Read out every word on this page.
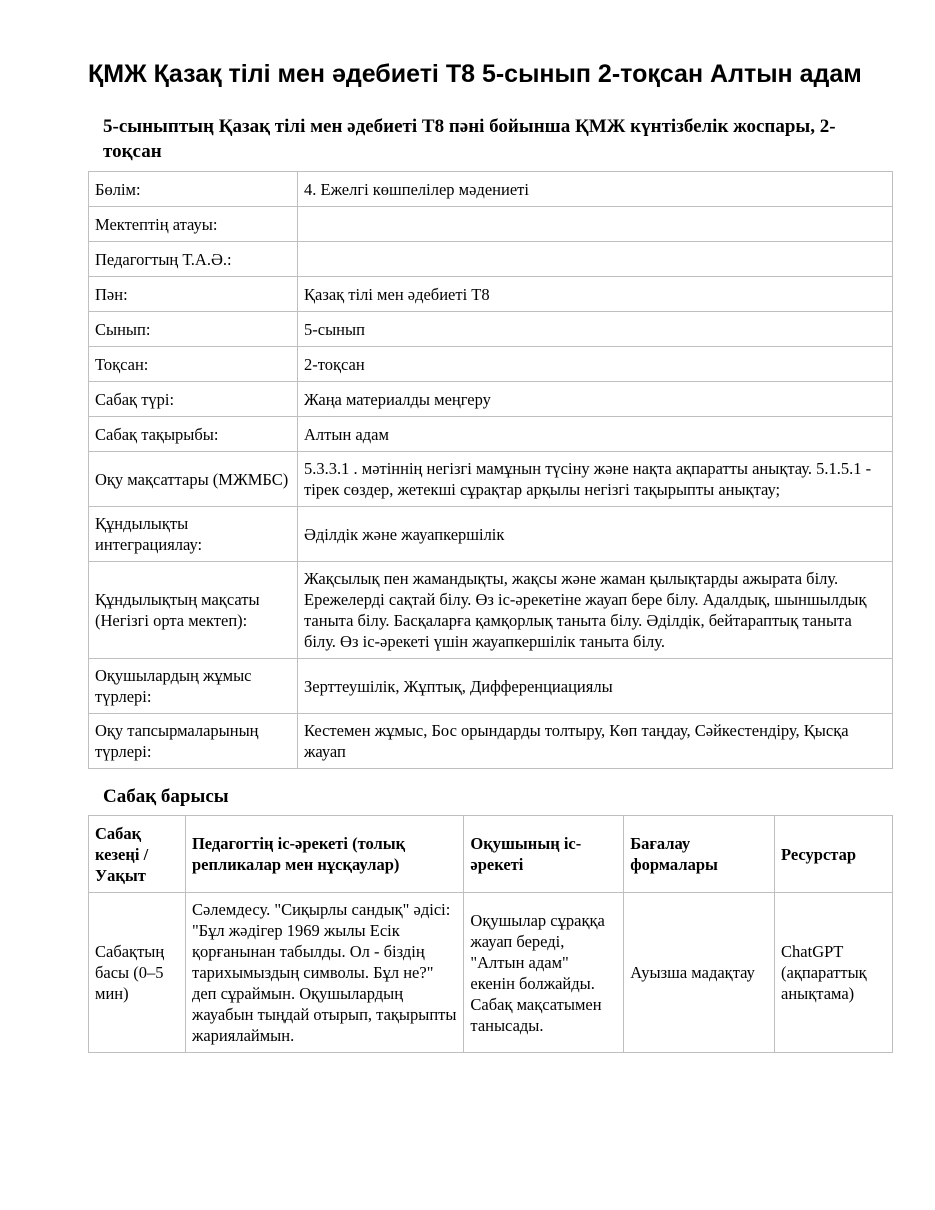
ҚМЖ Қазақ тілі мен әдебиеті Т8 5-сынып 2-тоқсан Алтын адам
5-сыныптың Қазақ тілі мен әдебиеті Т8 пәні бойынша ҚМЖ күнтізбелік жоспары, 2-тоқсан
Бөлім:	4. Ежелгі көшпелілер мәдениеті
Мектептің атауы:	
Педагогтың Т.А.Ә.:	
Пән:	Қазақ тілі мен әдебиеті Т8
Сынып:	5-сынып
Тоқсан:	2-тоқсан
Сабақ түрі:	Жаңа материалды меңгеру
Сабақ тақырыбы:	Алтын адам
Оқу мақсаттары (МЖМБС)	5.3.3.1 . мәтіннің негізгі мамұнын түсіну және нақта ақпаратты анықтау. 5.1.5.1 - тірек сөздер, жетекші сұрақтар арқылы негізгі тақырыпты анықтау;
Құндылықты интеграциялау:	Әділдік және жауапкершілік
Құндылықтың мақсаты (Негізгі орта мектеп):	Жақсылық пен жамандықты, жақсы және жаман қылықтарды ажырата білу. Ережелерді сақтай білу. Өз іс-әрекетіне жауап бере білу. Адалдық, шыншылдық таныта білу. Басқаларға қамқорлық таныта білу. Әділдік, бейтараптық таныта білу. Өз іс-әрекеті үшін жауапкершілік таныта білу.
Оқушылардың жұмыс түрлері:	Зерттеушілік, Жұптық, Дифференциациялы
Оқу тапсырмаларының түрлері:	Кестемен жұмыс, Бос орындарды толтыру, Көп таңдау, Сәйкестендіру, Қысқа жауап
Сабақ барысы
Сабақ кезеңі / Уақыт	Педагогтің іс-әрекеті (толық репликалар мен нұсқаулар)	Оқушының іс-әрекеті	Бағалау формалары	Ресурстар
Сабақтың басы (0–5 мин)	Сәлемдесу. "Сиқырлы сандық" әдісі: "Бұл жәдігер 1969 жылы Есік қорғанынан табылды. Ол - біздің тарихымыздың символы. Бұл не?" деп сұраймын. Оқушылардың жауабын тыңдай отырып, тақырыпты жариялаймын.	Оқушылар сұраққа жауап береді, "Алтын адам" екенін болжайды. Сабақ мақсатымен танысады.	Ауызша мадақтау	ChatGPT (ақпараттық анықтама)
